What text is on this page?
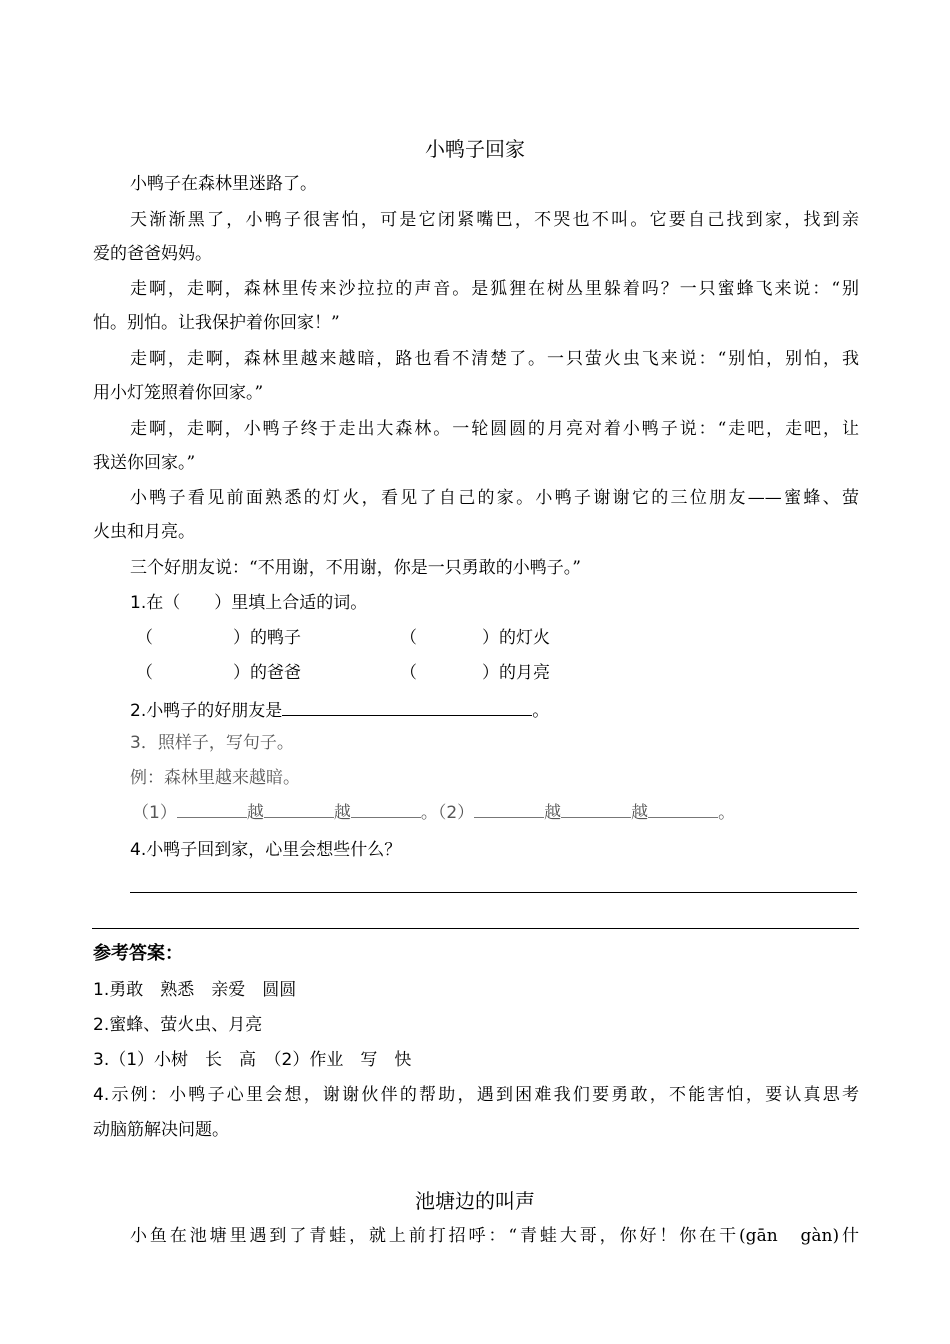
小鸭子回家
小鸭子在森林里迷路了。
天渐渐黑了，小鸭子很害怕，可是它闭紧嘴巴，不哭也不叫。它要自己找到家，找到亲
爱的爸爸妈妈。
走啊，走啊，森林里传来沙拉拉的声音。是狐狸在树丛里躲着吗？一只蜜蜂飞来说：“别
怕。别怕。让我保护着你回家！”
走啊，走啊，森林里越来越暗，路也看不清楚了。一只萤火虫飞来说：“别怕，别怕，我
用小灯笼照着你回家。”
走啊，走啊，小鸭子终于走出大森林。一轮圆圆的月亮对着小鸭子说：“走吧，走吧，让
我送你回家。”
小鸭子看见前面熟悉的灯火，看见了自己的家。小鸭子谢谢它的三位朋友——蜜蜂、萤
火虫和月亮。
三个好朋友说：“不用谢，不用谢，你是一只勇敢的小鸭子。”
1.在（　　）里填上合适的词。
（	）的鸭子	（	）的灯火
（	）的爸爸	（	）的月亮
2.小鸭子的好朋友是	。
3．照样子，写句子。
例：森林里越来越暗。
（1）	越	越	。（2）	越	越	。
4.小鸭子回到家，心里会想些什么？
参考答案：
1.勇敢　熟悉　亲爱　圆圆
2.蜜蜂、萤火虫、月亮
3.（1）小树　长　高　（2）作业　写　快
4.示例：小鸭子心里会想，谢谢伙伴的帮助，遇到困难我们要勇敢，不能害怕，要认真思考
动脑筋解决问题。
池塘边的叫声
小鱼在池塘里遇到了青蛙，就上前打招呼：“青蛙大哥，你好！你在干(gān　gàn)什
